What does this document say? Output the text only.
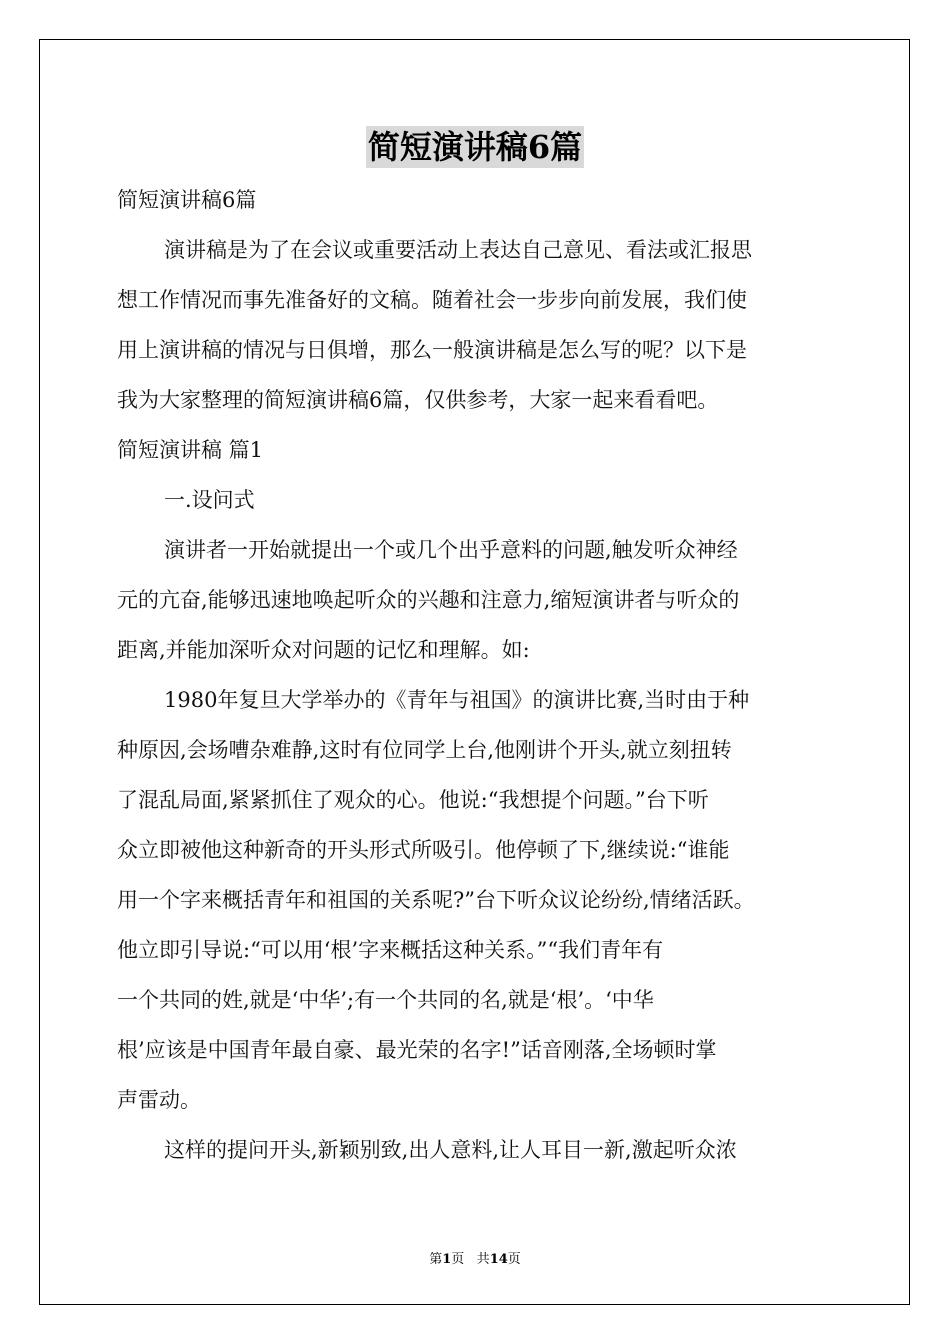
简短演讲稿6篇
简短演讲稿6篇
演讲稿是为了在会议或重要活动上表达自己意见、看法或汇报思
想工作情况而事先准备好的文稿。随着社会一步步向前发展，我们使
用上演讲稿的情况与日俱增，那么一般演讲稿是怎么写的呢？以下是
我为大家整理的简短演讲稿6篇，仅供参考，大家一起来看看吧。
简短演讲稿 篇1
一.设问式
演讲者一开始就提出一个或几个出乎意料的问题,触发听众神经
元的亢奋,能够迅速地唤起听众的兴趣和注意力,缩短演讲者与听众的
距离,并能加深听众对问题的记忆和理解。如:
1980年复旦大学举办的《青年与祖国》的演讲比赛,当时由于种
种原因,会场嘈杂难静,这时有位同学上台,他刚讲个开头,就立刻扭转
了混乱局面,紧紧抓住了观众的心。他说:“我想提个问题。”台下听
众立即被他这种新奇的开头形式所吸引。他停顿了下,继续说:“谁能
用一个字来概括青年和祖国的关系呢?”台下听众议论纷纷,情绪活跃。
他立即引导说:“可以用‘根’字来概括这种关系。”“我们青年有
一个共同的姓,就是‘中华’;有一个共同的名,就是‘根’。‘中华
根’应该是中国青年最自豪、最光荣的名字!”话音刚落,全场顿时掌
声雷动。
这样的提问开头,新颖别致,出人意料,让人耳目一新,激起听众浓
第1页 共14页
